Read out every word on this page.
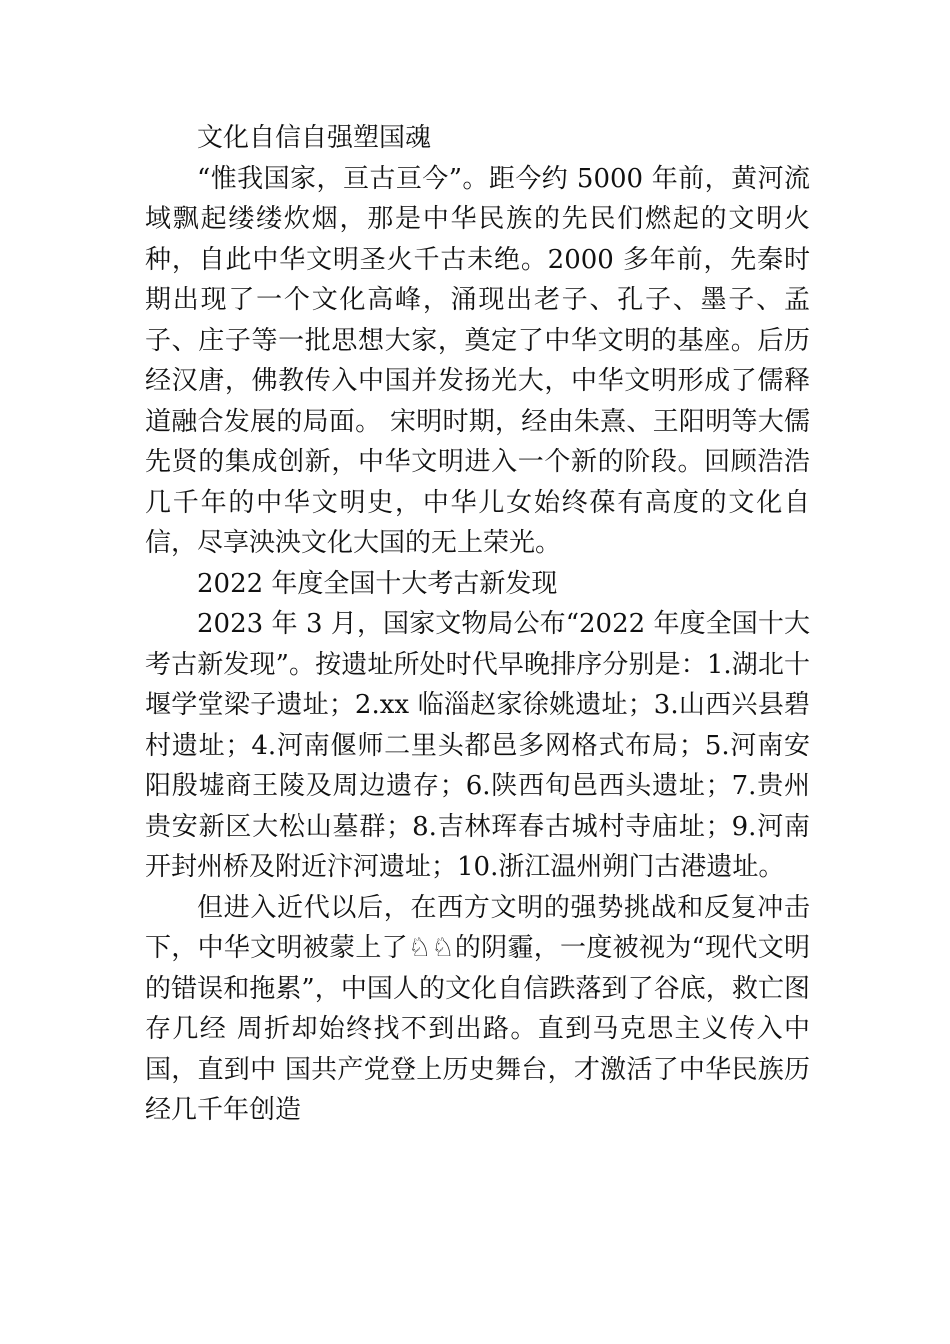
文化自信自强塑国魂

“惟我国家，亘古亘今”。距今约 5000 年前，黄河流域飘起缕缕炊烟，那是中华民族的先民们燃起的文明火种，自此中华文明圣火千古未绝。2000 多年前，先秦时期出现了一个文化高峰，涌现出老子、孔子、墨子、孟子、庄子等一批思想大家，奠定了中华文明的基座。后历经汉唐，佛教传入中国并发扬光大，中华文明形成了儒释道融合发展的局面。 宋明时期，经由朱熹、王阳明等大儒先贤的集成创新，中华文明进入一个新的阶段。回顾浩浩几千年的中华文明史，中华儿女始终葆有高度的文化自信，尽享泱泱文化大国的无上荣光。

2022 年度全国十大考古新发现

2023 年 3 月，国家文物局公布“2022 年度全国十大考古新发现”。按遗址所处时代早晚排序分别是：1.湖北十堰学堂梁子遗址；2.xx 临淄赵家徐姚遗址；3.山西兴县碧村遗址；4.河南偃师二里头都邑多网格式布局；5.河南安阳殷墟商王陵及周边遗存；6.陕西旬邑西头遗址；7.贵州贵安新区大松山墓群；8.吉林珲春古城村寺庙址；9.河南开封州桥及附近汴河遗址；10.浙江温州朔门古港遗址。

但进入近代以后，在西方文明的强势挑战和反复冲击下，中华文明被蒙上了♘♘的阴霾，一度被视为“现代文明的错误和拖累”，中国人的文化自信跌落到了谷底，救亡图存几经 周折却始终找不到出路。直到马克思主义传入中国，直到中 国共产党登上历史舞台，才激活了中华民族历经几千年创造
